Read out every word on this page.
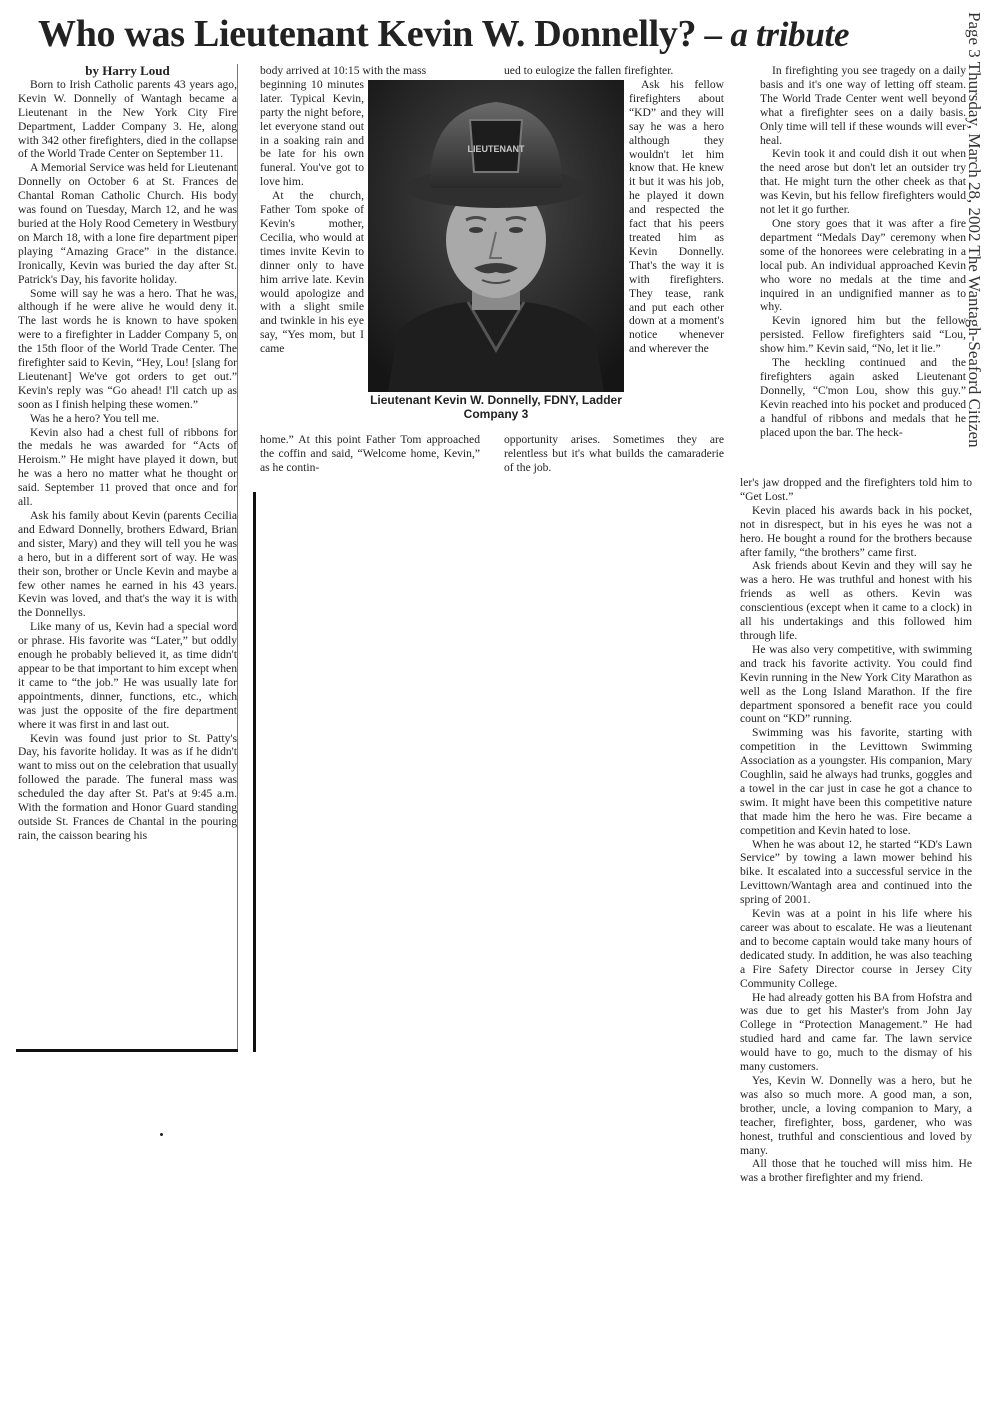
Who was Lieutenant Kevin W. Donnelly? – a tribute	Page 3 Thursday, March 28, 2002 The Wantagh-Seaford Citizen

by Harry Loud

Born to Irish Catholic parents 43 years ago, Kevin W. Donnelly of Wantagh became a Lieutenant in the New York City Fire Department, Ladder Company 3. He, along with 342 other firefighters, died in the collapse of the World Trade Center on September 11.

A Memorial Service was held for Lieutenant Donnelly on October 6 at St. Frances de Chantal Roman Catholic Church. His body was found on Tuesday, March 12, and he was buried at the Holy Rood Cemetery in Westbury on March 18, with a lone fire department piper playing “Amazing Grace” in the distance. Ironically, Kevin was buried the day after St. Patrick's Day, his favorite holiday.

Some will say he was a hero. That he was, although if he were alive he would deny it. The last words he is known to have spoken were to a firefighter in Ladder Company 5, on the 15th floor of the World Trade Center. The firefighter said to Kevin, “Hey, Lou! [slang for Lieutenant] We've got orders to get out.” Kevin's reply was “Go ahead! I'll catch up as soon as I finish helping these women.”

Was he a hero? You tell me.

Kevin also had a chest full of ribbons for the medals he was awarded for “Acts of Heroism.” He might have played it down, but he was a hero no matter what he thought or said. September 11 proved that once and for all.

Ask his family about Kevin (parents Cecilia and Edward Donnelly, brothers Edward, Brian and sister, Mary) and they will tell you he was a hero, but in a different sort of way. He was their son, brother or Uncle Kevin and maybe a few other names he earned in his 43 years. Kevin was loved, and that's the way it is with the Donnellys.

Like many of us, Kevin had a special word or phrase. His favorite was “Later,” but oddly enough he probably believed it, as time didn't appear to be that important to him except when it came to “the job.” He was usually late for appointments, dinner, functions, etc., which was just the opposite of the fire department where it was first in and last out.

Kevin was found just prior to St. Patty's Day, his favorite holiday. It was as if he didn't want to miss out on the celebration that usually followed the parade. The funeral mass was scheduled the day after St. Pat's at 9:45 a.m. With the formation and Honor Guard standing outside St. Frances de Chantal in the pouring rain, the caisson bearing his

body arrived at 10:15 with the mass

beginning 10 minutes later. Typical Kevin, party the night before, let everyone stand out in a soaking rain and be late for his own funeral. You've got to love him.

At the church, Father Tom spoke of Kevin's mother, Cecilia, who would at times invite Kevin to dinner only to have him arrive late. Kevin would apologize and with a slight smile and twinkle in his eye say, “Yes mom, but I came

home.” At this point Father Tom approached the coffin and said, “Welcome home, Kevin,” as he contin-

ued to eulogize the fallen firefighter.

Ask his fellow firefighters about “KD” and they will say he was a hero although they wouldn't let him know that. He knew it but it was his job, he played it down and respected the fact that his peers treated him as Kevin Donnelly. That's the way it is with firefighters. They tease, rank and put each other down at a moment's notice whenever and wherever the

opportunity arises. Sometimes they are relentless but it's what builds the camaraderie of the job.

LIEUTENANT
Lieutenant Kevin W. Donnelly, FDNY, Ladder Company 3

In firefighting you see tragedy on a daily basis and it's one way of letting off steam. The World Trade Center went well beyond what a firefighter sees on a daily basis. Only time will tell if these wounds will ever heal.

Kevin took it and could dish it out when the need arose but don't let an outsider try that. He might turn the other cheek as that was Kevin, but his fellow firefighters would not let it go further.

One story goes that it was after a fire department “Medals Day” ceremony when some of the honorees were celebrating in a local pub. An individual approached Kevin who wore no medals at the time and inquired in an undignified manner as to why.

Kevin ignored him but the fellow persisted. Fellow firefighters said “Lou, show him.” Kevin said, “No, let it lie.”

The heckling continued and the firefighters again asked Lieutenant Donnelly, “C'mon Lou, show this guy.” Kevin reached into his pocket and produced a handful of ribbons and medals that he placed upon the bar. The heck-

ler's jaw dropped and the firefighters told him to “Get Lost.”

Kevin placed his awards back in his pocket, not in disrespect, but in his eyes he was not a hero. He bought a round for the brothers because after family, “the brothers” came first.

Ask friends about Kevin and they will say he was a hero. He was truthful and honest with his friends as well as others. Kevin was conscientious (except when it came to a clock) in all his undertakings and this followed him through life.

He was also very competitive, with swimming and track his favorite activity. You could find Kevin running in the New York City Marathon as well as the Long Island Marathon. If the fire department sponsored a benefit race you could count on “KD” running.

Swimming was his favorite, starting with competition in the Levittown Swimming Association as a youngster. His companion, Mary Coughlin, said he always had trunks, goggles and a towel in the car just in case he got a chance to swim. It might have been this competitive nature that made him the hero he was. Fire became a competition and Kevin hated to lose.

When he was about 12, he started “KD's Lawn Service” by towing a lawn mower behind his bike. It escalated into a successful service in the Levittown/Wantagh area and continued into the spring of 2001.

Kevin was at a point in his life where his career was about to escalate. He was a lieutenant and to become captain would take many hours of dedicated study. In addition, he was also teaching a Fire Safety Director course in Jersey City Community College.

He had already gotten his BA from Hofstra and was due to get his Master's from John Jay College in “Protection Management.” He had studied hard and came far. The lawn service would have to go, much to the dismay of his many customers.

Yes, Kevin W. Donnelly was a hero, but he was also so much more. A good man, a son, brother, uncle, a loving companion to Mary, a teacher, firefighter, boss, gardener, who was honest, truthful and conscientious and loved by many.

All those that he touched will miss him. He was a brother firefighter and my friend.
